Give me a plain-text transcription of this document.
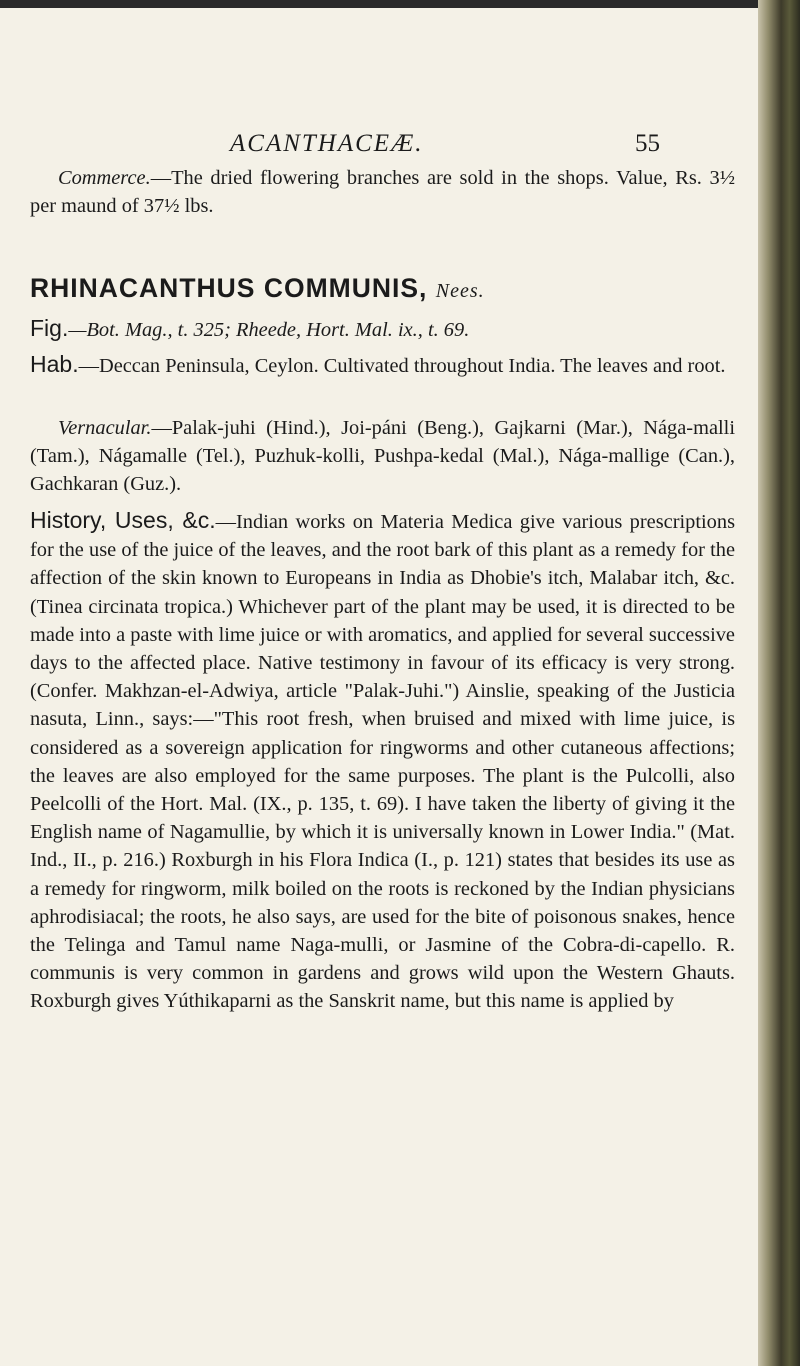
ACANTHACEÆ.	55

Commerce.—The dried flowering branches are sold in the shops. Value, Rs. 3½ per maund of 37½ lbs.

RHINACANTHUS COMMUNIS, Nees.

Fig.—Bot. Mag., t. 325; Rheede, Hort. Mal. ix., t. 69.

Hab.—Deccan Peninsula, Ceylon. Cultivated throughout India. The leaves and root.

Vernacular.—Palak-juhi (Hind.), Joi-páni (Beng.), Gajkarni (Mar.), Nága-malli (Tam.), Nágamalle (Tel.), Puzhuk-kolli, Pushpa-kedal (Mal.), Nága-mallige (Can.), Gachkaran (Guz.).

History, Uses, &c.—Indian works on Materia Medica give various prescriptions for the use of the juice of the leaves, and the root bark of this plant as a remedy for the affection of the skin known to Europeans in India as Dhobie's itch, Malabar itch, &c. (Tinea circinata tropica.) Whichever part of the plant may be used, it is directed to be made into a paste with lime juice or with aromatics, and applied for several successive days to the affected place. Native testimony in favour of its efficacy is very strong. (Confer. Makhzan-el-Adwiya, article "Palak-Juhi.") Ainslie, speaking of the Justicia nasuta, Linn., says:—"This root fresh, when bruised and mixed with lime juice, is considered as a sovereign application for ringworms and other cutaneous affections; the leaves are also employed for the same purposes. The plant is the Pulcolli, also Peelcolli of the Hort. Mal. (IX., p. 135, t. 69). I have taken the liberty of giving it the English name of Nagamullie, by which it is universally known in Lower India." (Mat. Ind., II., p. 216.) Roxburgh in his Flora Indica (I., p. 121) states that besides its use as a remedy for ringworm, milk boiled on the roots is reckoned by the Indian physicians aphrodisiacal; the roots, he also says, are used for the bite of poisonous snakes, hence the Telinga and Tamul name Naga-mulli, or Jasmine of the Cobra-di-capello. R. communis is very common in gardens and grows wild upon the Western Ghauts. Roxburgh gives Yúthikaparni as the Sanskrit name, but this name is applied by
